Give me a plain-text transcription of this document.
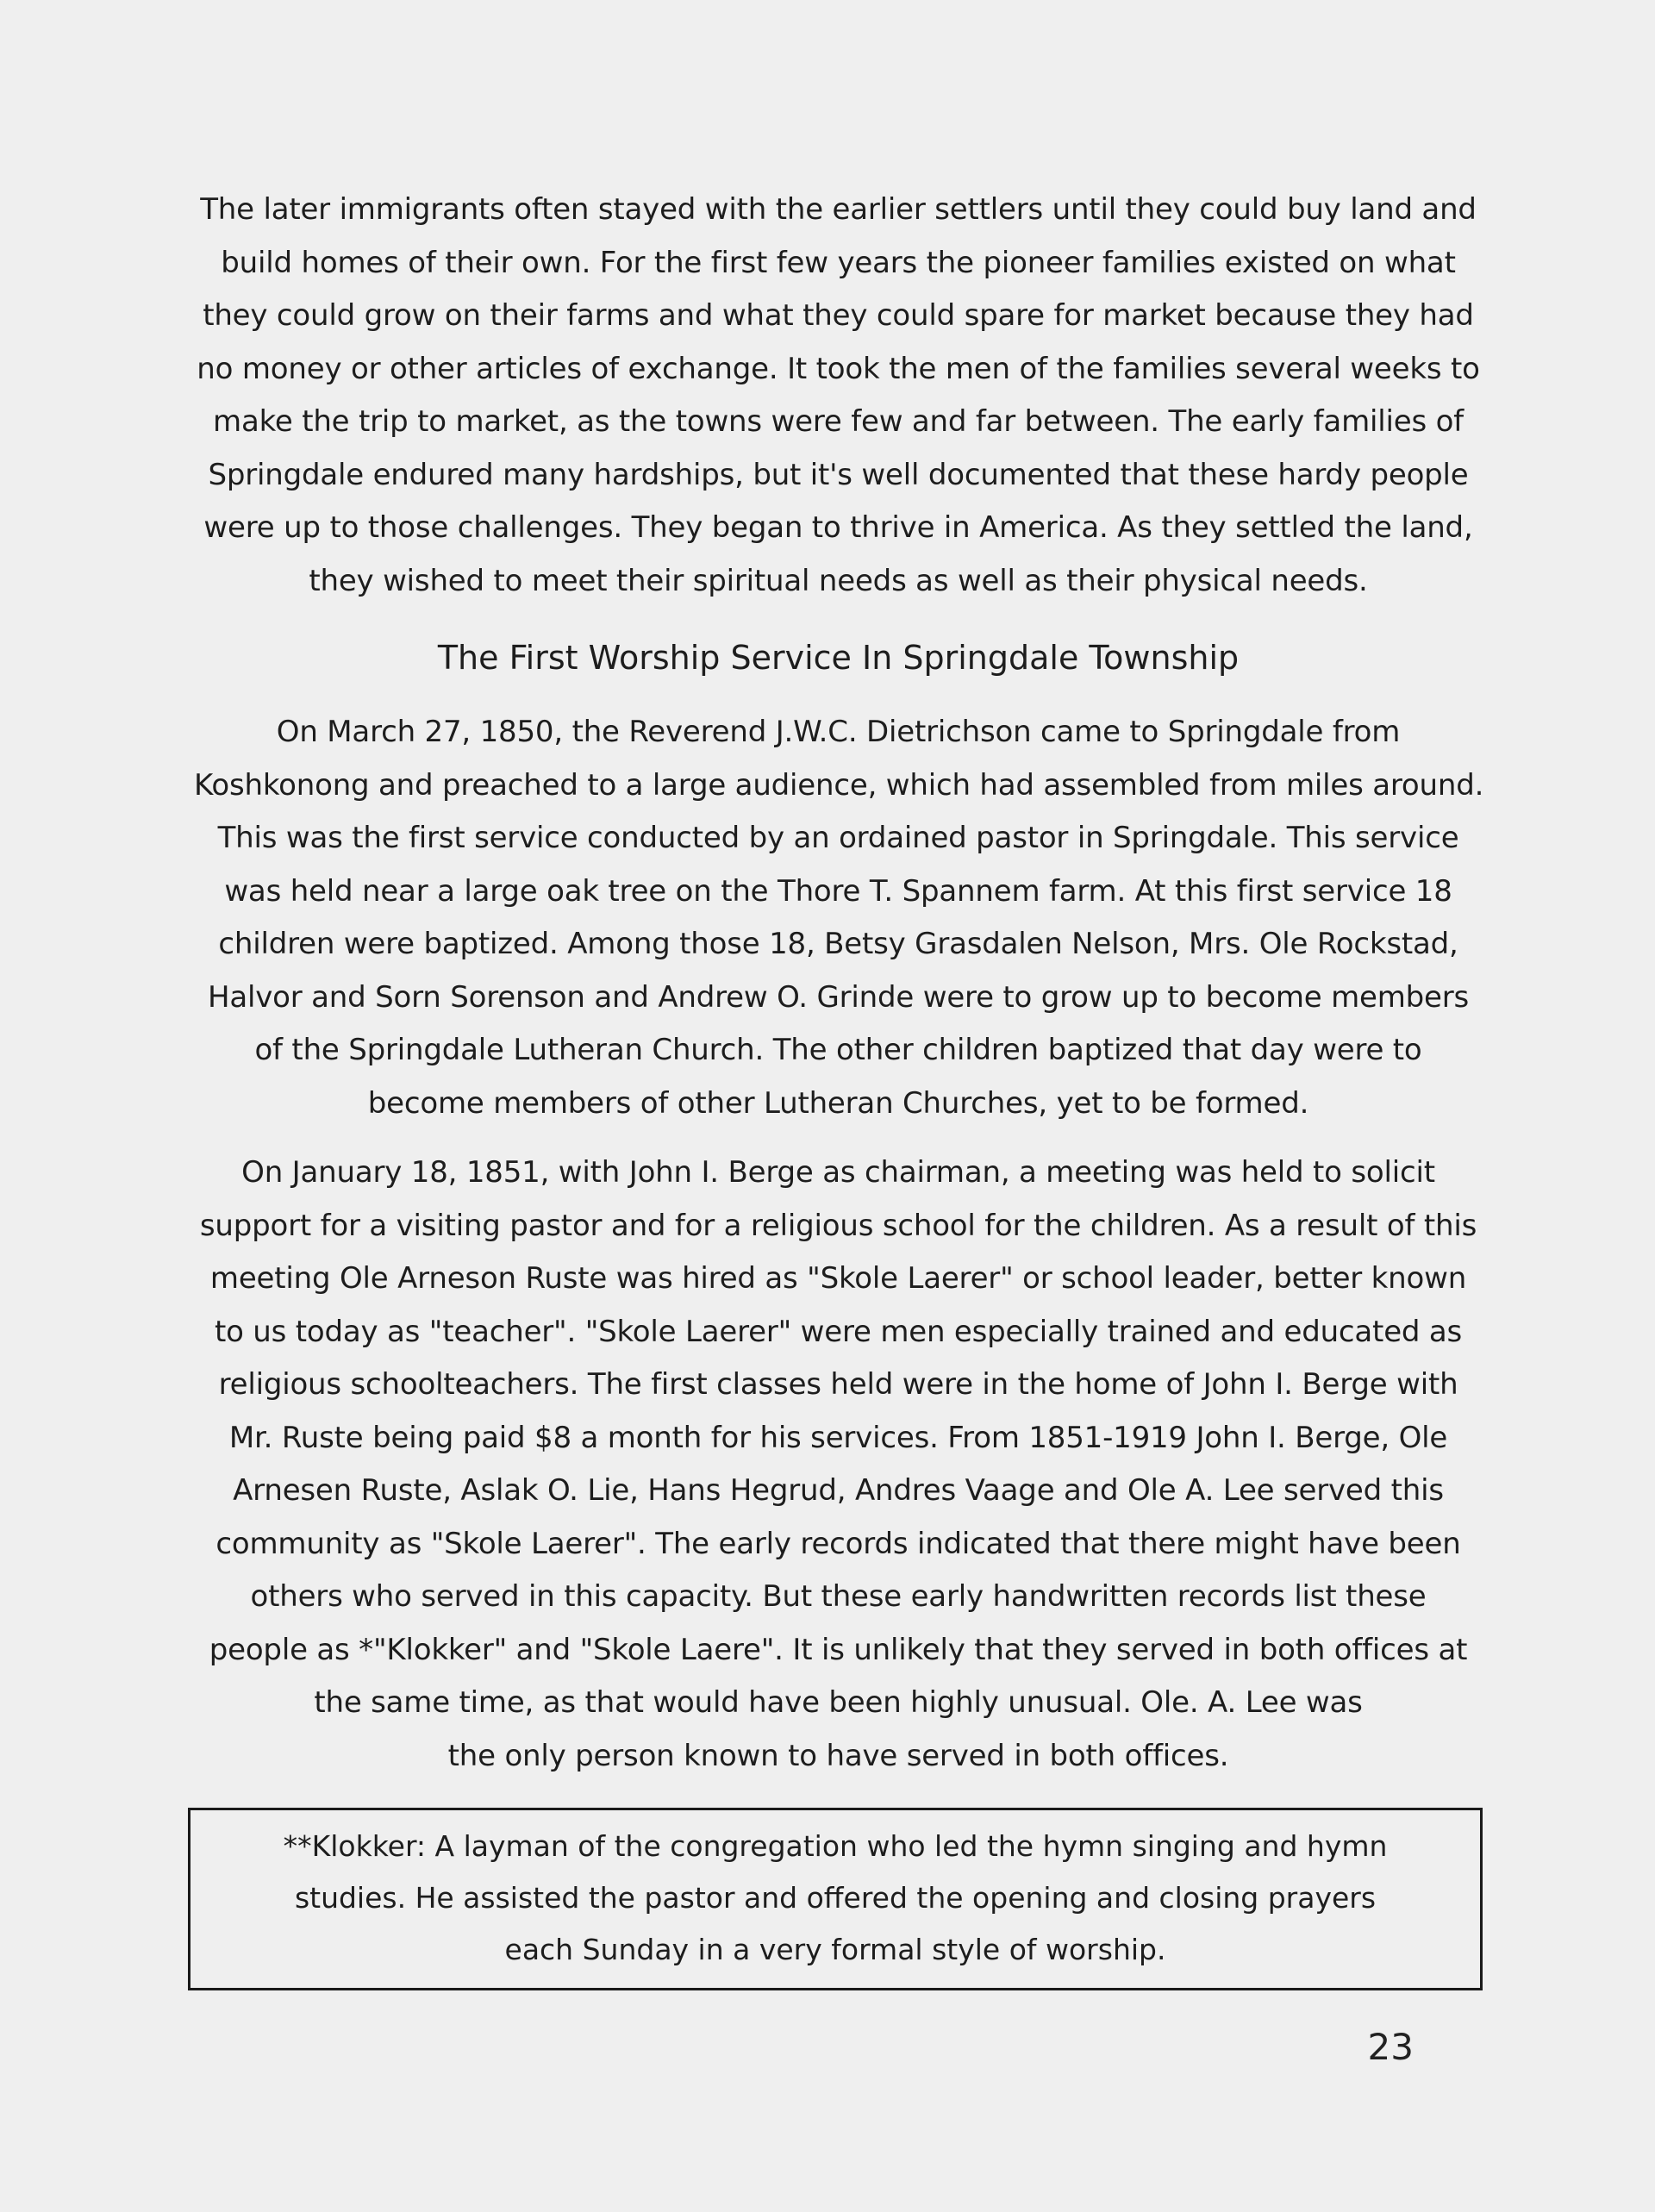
The later immigrants often stayed with the earlier settlers until they could buy land and
build homes of their own. For the first few years the pioneer families existed on what
they could grow on their farms and what they could spare for market because they had
no money or other articles of exchange. It took the men of the families several weeks to
make the trip to market, as the towns were few and far between. The early families of
Springdale endured many hardships, but it's well documented that these hardy people
were up to those challenges. They began to thrive in America. As they settled the land,
they wished to meet their spiritual needs as well as their physical needs.
The First Worship Service In Springdale Township
On March 27, 1850, the Reverend J.W.C. Dietrichson came to Springdale from
Koshkonong and preached to a large audience, which had assembled from miles around.
This was the first service conducted by an ordained pastor in Springdale. This service
was held near a large oak tree on the Thore T. Spannem farm. At this first service 18
children were baptized. Among those 18, Betsy Grasdalen Nelson, Mrs. Ole Rockstad,
Halvor and Sorn Sorenson and Andrew O. Grinde were to grow up to become members
of the Springdale Lutheran Church. The other children baptized that day were to
become members of other Lutheran Churches, yet to be formed.
On January 18, 1851, with John I. Berge as chairman, a meeting was held to solicit
support for a visiting pastor and for a religious school for the children. As a result of this
meeting Ole Arneson Ruste was hired as "Skole Laerer" or school leader, better known
to us today as "teacher". "Skole Laerer" were men especially trained and educated as
religious schoolteachers. The first classes held were in the home of John I. Berge with
Mr. Ruste being paid $8 a month for his services. From 1851-1919 John I. Berge, Ole
Arnesen Ruste, Aslak O. Lie, Hans Hegrud, Andres Vaage and Ole A. Lee served this
community as "Skole Laerer". The early records indicated that there might have been
others who served in this capacity. But these early handwritten records list these
people as *"Klokker" and "Skole Laere". It is unlikely that they served in both offices at
the same time, as that would have been highly unusual. Ole. A. Lee was
the only person known to have served in both offices.
**Klokker: A layman of the congregation who led the hymn singing and hymn
studies. He assisted the pastor and offered the opening and closing prayers
each Sunday in a very formal style of worship.
23
